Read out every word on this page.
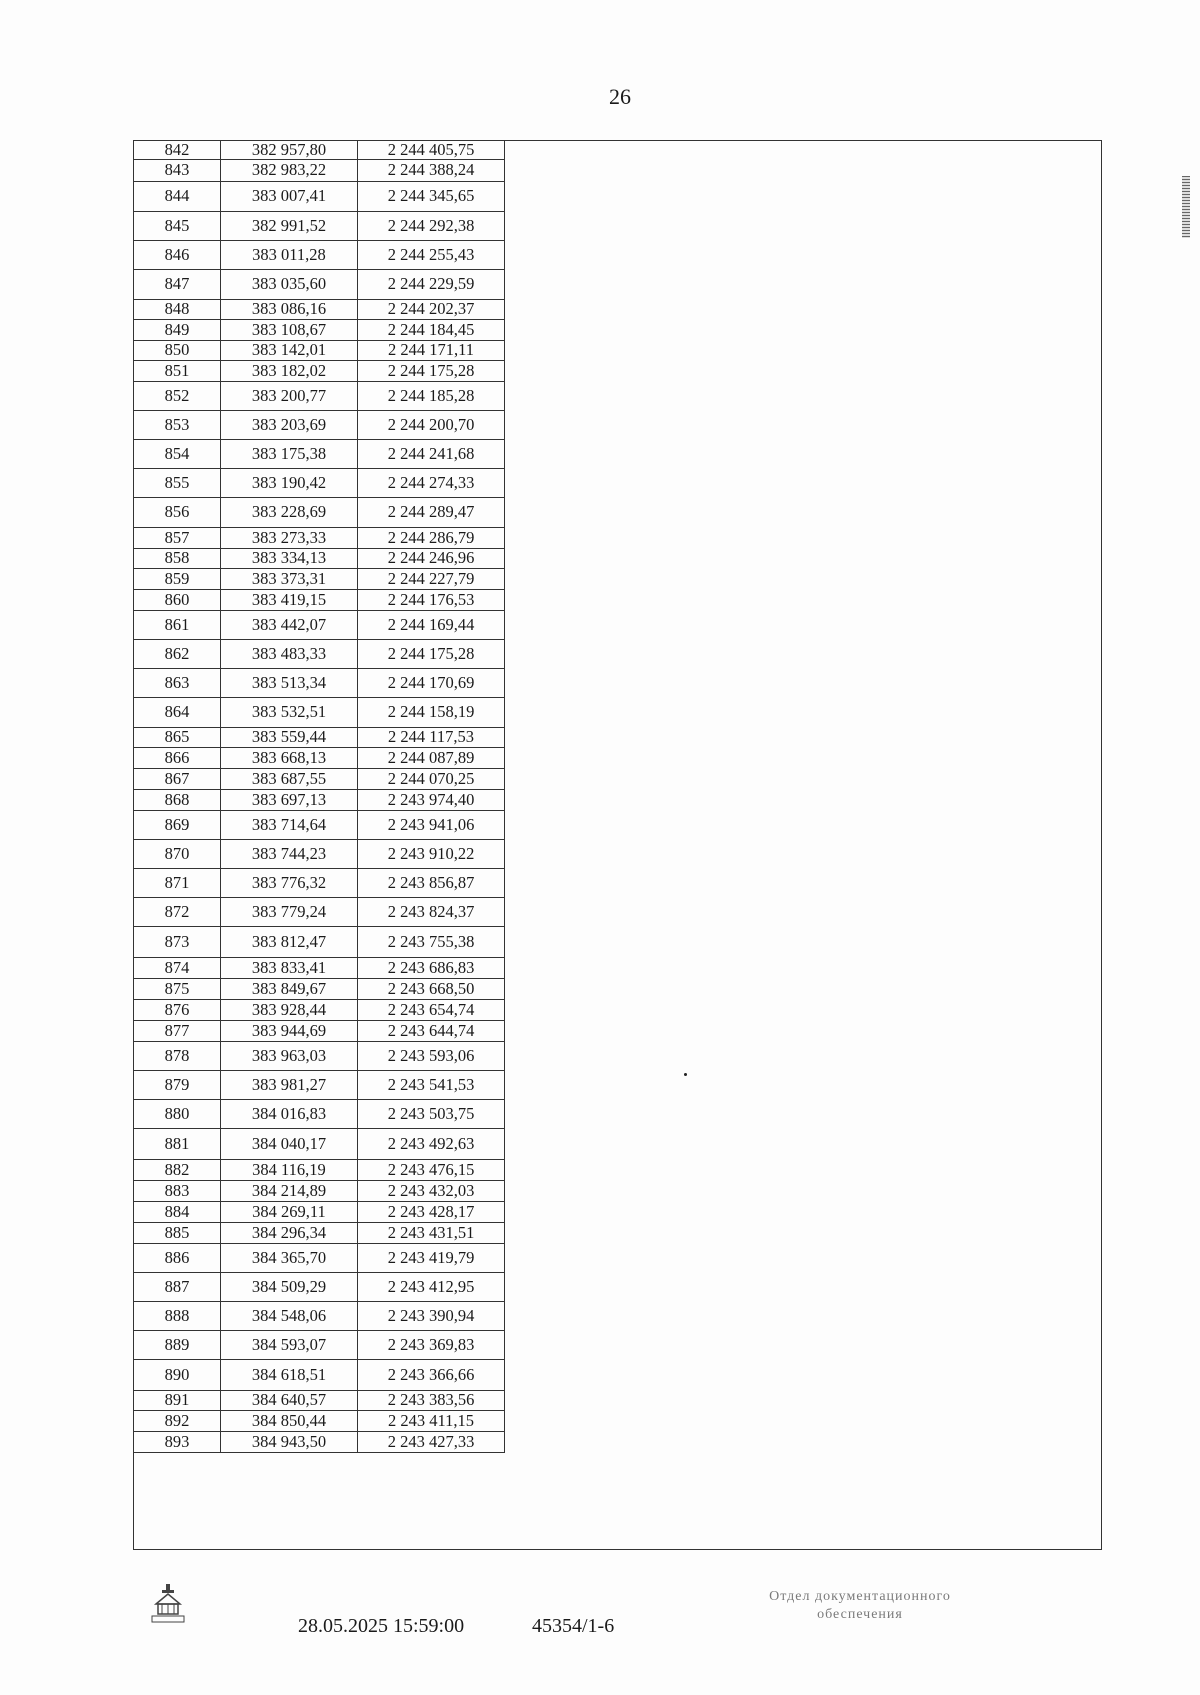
26
842	382 957,80	2 244 405,75
843	382 983,22	2 244 388,24
844	383 007,41	2 244 345,65
845	382 991,52	2 244 292,38
846	383 011,28	2 244 255,43
847	383 035,60	2 244 229,59
848	383 086,16	2 244 202,37
849	383 108,67	2 244 184,45
850	383 142,01	2 244 171,11
851	383 182,02	2 244 175,28
852	383 200,77	2 244 185,28
853	383 203,69	2 244 200,70
854	383 175,38	2 244 241,68
855	383 190,42	2 244 274,33
856	383 228,69	2 244 289,47
857	383 273,33	2 244 286,79
858	383 334,13	2 244 246,96
859	383 373,31	2 244 227,79
860	383 419,15	2 244 176,53
861	383 442,07	2 244 169,44
862	383 483,33	2 244 175,28
863	383 513,34	2 244 170,69
864	383 532,51	2 244 158,19
865	383 559,44	2 244 117,53
866	383 668,13	2 244 087,89
867	383 687,55	2 244 070,25
868	383 697,13	2 243 974,40
869	383 714,64	2 243 941,06
870	383 744,23	2 243 910,22
871	383 776,32	2 243 856,87
872	383 779,24	2 243 824,37
873	383 812,47	2 243 755,38
874	383 833,41	2 243 686,83
875	383 849,67	2 243 668,50
876	383 928,44	2 243 654,74
877	383 944,69	2 243 644,74
878	383 963,03	2 243 593,06
879	383 981,27	2 243 541,53
880	384 016,83	2 243 503,75
881	384 040,17	2 243 492,63
882	384 116,19	2 243 476,15
883	384 214,89	2 243 432,03
884	384 269,11	2 243 428,17
885	384 296,34	2 243 431,51
886	384 365,70	2 243 419,79
887	384 509,29	2 243 412,95
888	384 548,06	2 243 390,94
889	384 593,07	2 243 369,83
890	384 618,51	2 243 366,66
891	384 640,57	2 243 383,56
892	384 850,44	2 243 411,15
893	384 943,50	2 243 427,33
28.05.2025 15:59:00	45354/1-6
Отдел документационного
обеспечения
